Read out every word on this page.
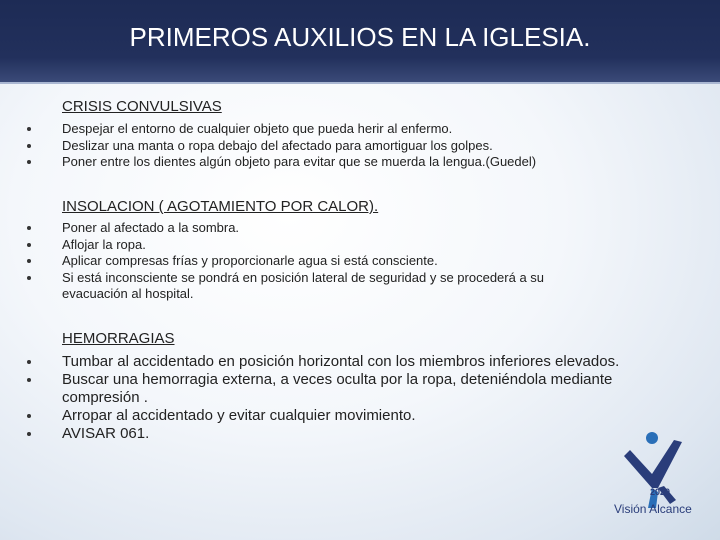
PRIMEROS AUXILIOS EN LA IGLESIA.
CRISIS CONVULSIVAS

Despejar el entorno de cualquier objeto que pueda herir al enfermo.

Deslizar una manta o ropa debajo del afectado para amortiguar los golpes.

Poner entre los dientes algún objeto para evitar que se muerda la lengua.(Guedel)

INSOLACION ( AGOTAMIENTO POR CALOR).

Poner al afectado a la sombra.

Aflojar la ropa.

Aplicar compresas frías y proporcionarle agua si está consciente.

Si está inconsciente se pondrá en posición lateral de seguridad y se procederá a su evacuación al hospital.

HEMORRAGIAS

Tumbar al accidentado en posición horizontal con los miembros inferiores elevados.

Buscar una hemorragia externa, a veces oculta por la ropa, deteniéndola mediante compresión .

Arropar al accidentado y evitar cualquier movimiento.

AVISAR 061.

2020
Visión Alcance
